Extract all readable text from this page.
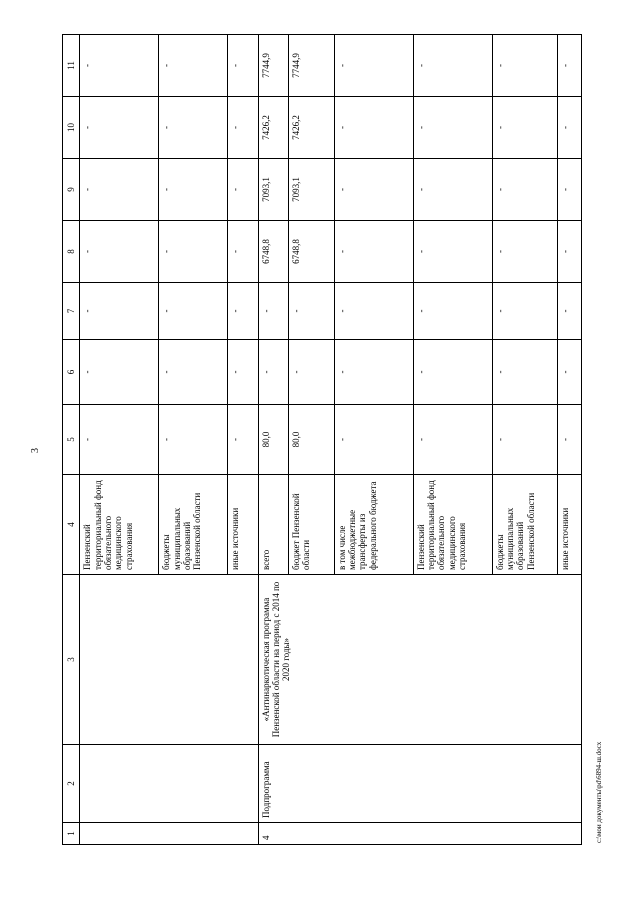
3
1	2	3	4	5	6	7	8	9	10	11
			Пензенский территориальный фонд обязательного медицинского страхования	-	-	-	-	-	-	-
			бюджеты муниципальных образований Пензенской области	-	-	-	-	-	-	-
			иные источники	-	-	-	-	-	-	-
4	Подпрограмма	«Антинаркотическая программа Пензенской области на период с 2014 по 2020 годы»	всего	80,0	-	-	6748,8	7093,1	7426,2	7744,9
			бюджет Пензенской области	80,0	-	-	6748,8	7093,1	7426,2	7744,9
			в том числе межбюджетные трансферты из федерального бюджета	-	-	-	-	-	-	-
			Пензенский территориальный фонд обязательного медицинского страхования	-	-	-	-	-	-	-
			бюджеты муниципальных образований Пензенской области	-	-	-	-	-	-	-
			иные источники	-	-	-	-	-	-	-
c:\мои документы\pd\6894-ш.docx
